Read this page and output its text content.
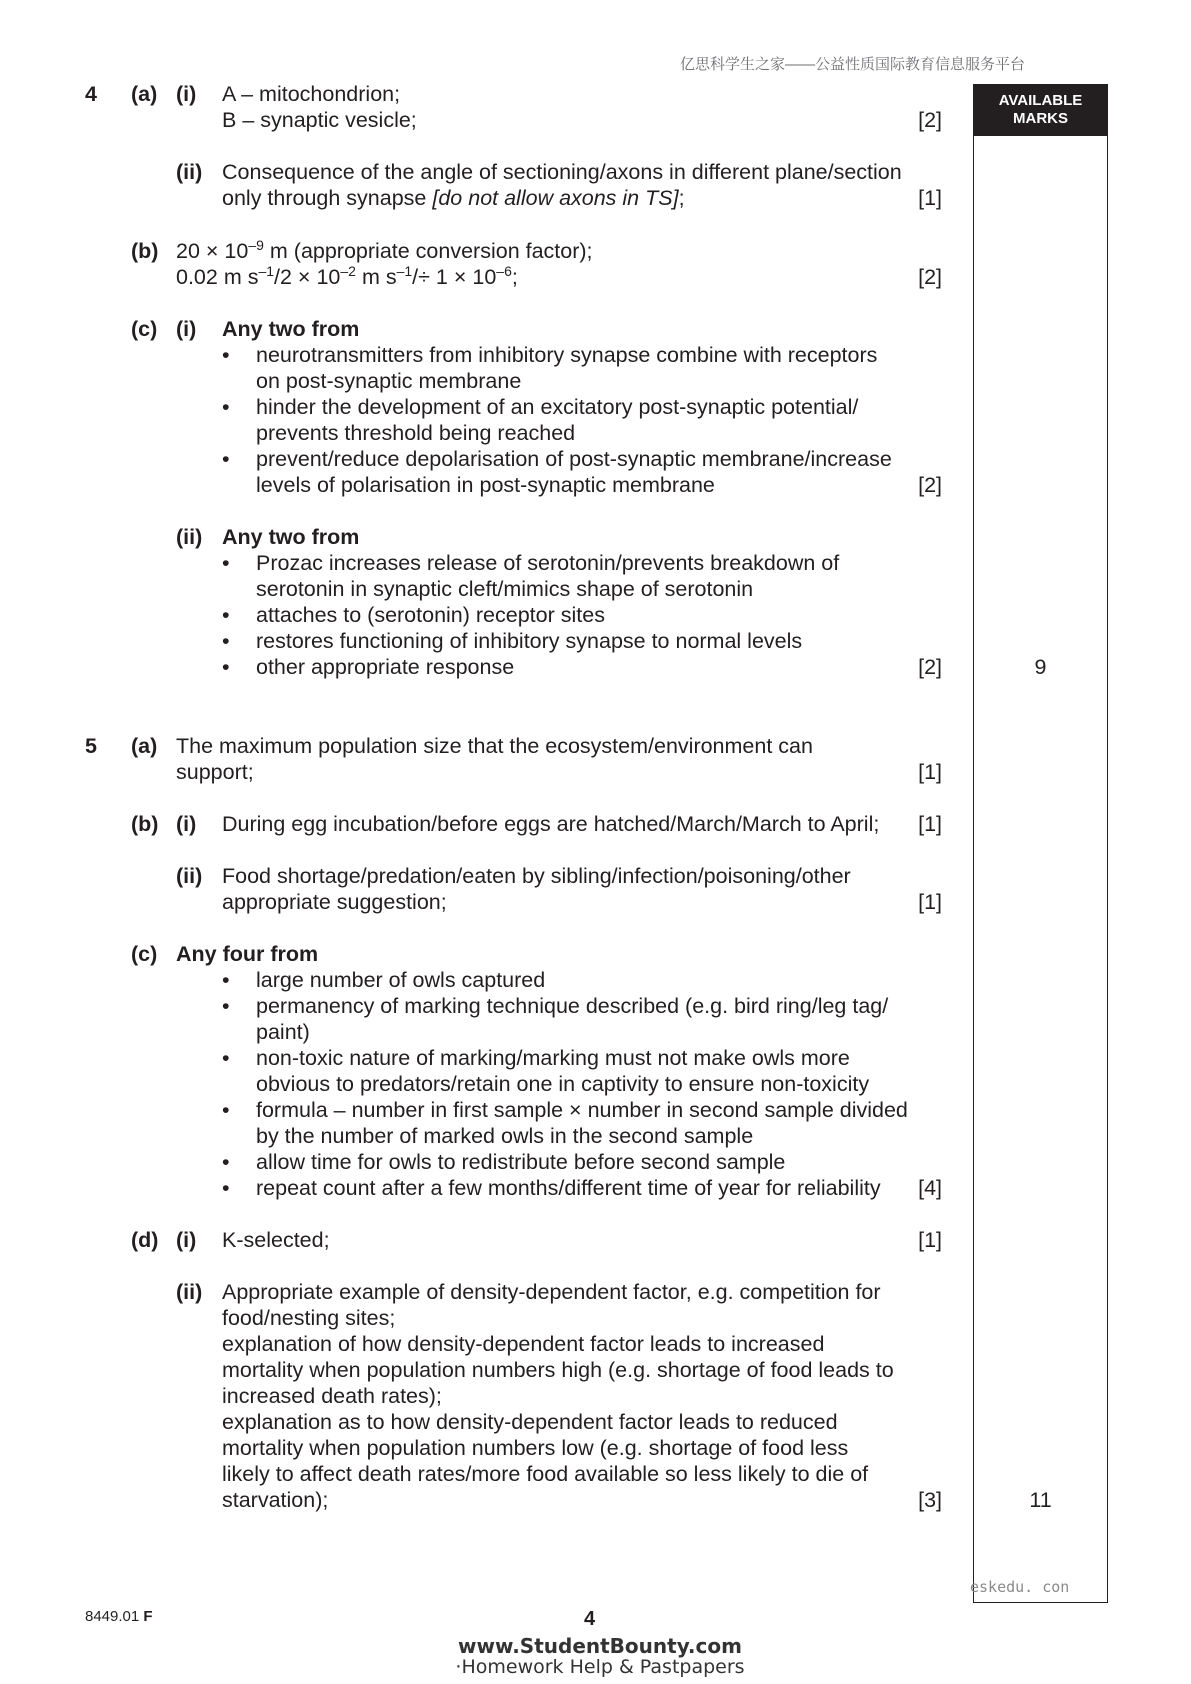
亿思科学生之家——公益性质国际教育信息服务平台
AVAILABLE
MARKS
4 (a) (i) A – mitochondrion;
B – synaptic vesicle;	[2]
(ii) Consequence of the angle of sectioning/axons in different plane/section
only through synapse [do not allow axons in TS];	[1]
(b) $20 \times 10^{-9}$ m (appropriate conversion factor);
0.02 m $s^{-1}/2 \times 10^{-2}$ m $s^{-1}/\div 1 \times 10^{-6}$;	[2]
(c) (i) Any two from
• neurotransmitters from inhibitory synapse combine with receptors
on post-synaptic membrane
• hinder the development of an excitatory post-synaptic potential/
prevents threshold being reached
• prevent/reduce depolarisation of post-synaptic membrane/increase
levels of polarisation in post-synaptic membrane	[2]
(ii) Any two from
• Prozac increases release of serotonin/prevents breakdown of
serotonin in synaptic cleft/mimics shape of serotonin
• attaches to (serotonin) receptor sites
• restores functioning of inhibitory synapse to normal levels
• other appropriate response	[2]	9
5 (a) The maximum population size that the ecosystem/environment can
support;	[1]
(b) (i) During egg incubation/before eggs are hatched/March/March to April;	[1]
(ii) Food shortage/predation/eaten by sibling/infection/poisoning/other
appropriate suggestion;	[1]
(c) Any four from
• large number of owls captured
• permanency of marking technique described (e.g. bird ring/leg tag/
paint)
• non-toxic nature of marking/marking must not make owls more
obvious to predators/retain one in captivity to ensure non-toxicity
• formula – number in first sample × number in second sample divided
by the number of marked owls in the second sample
• allow time for owls to redistribute before second sample
• repeat count after a few months/different time of year for reliability	[4]
(d) (i) K-selected;	[1]
(ii) Appropriate example of density-dependent factor, e.g. competition for
food/nesting sites;
explanation of how density-dependent factor leads to increased
mortality when population numbers high (e.g. shortage of food leads to
increased death rates);
explanation as to how density-dependent factor leads to reduced
mortality when population numbers low (e.g. shortage of food less
likely to affect death rates/more food available so less likely to die of
starvation);	[3]	11
eskedu. con
8449.01 F	4
www.StudentBounty.com
·Homework Help & Pastpapers
